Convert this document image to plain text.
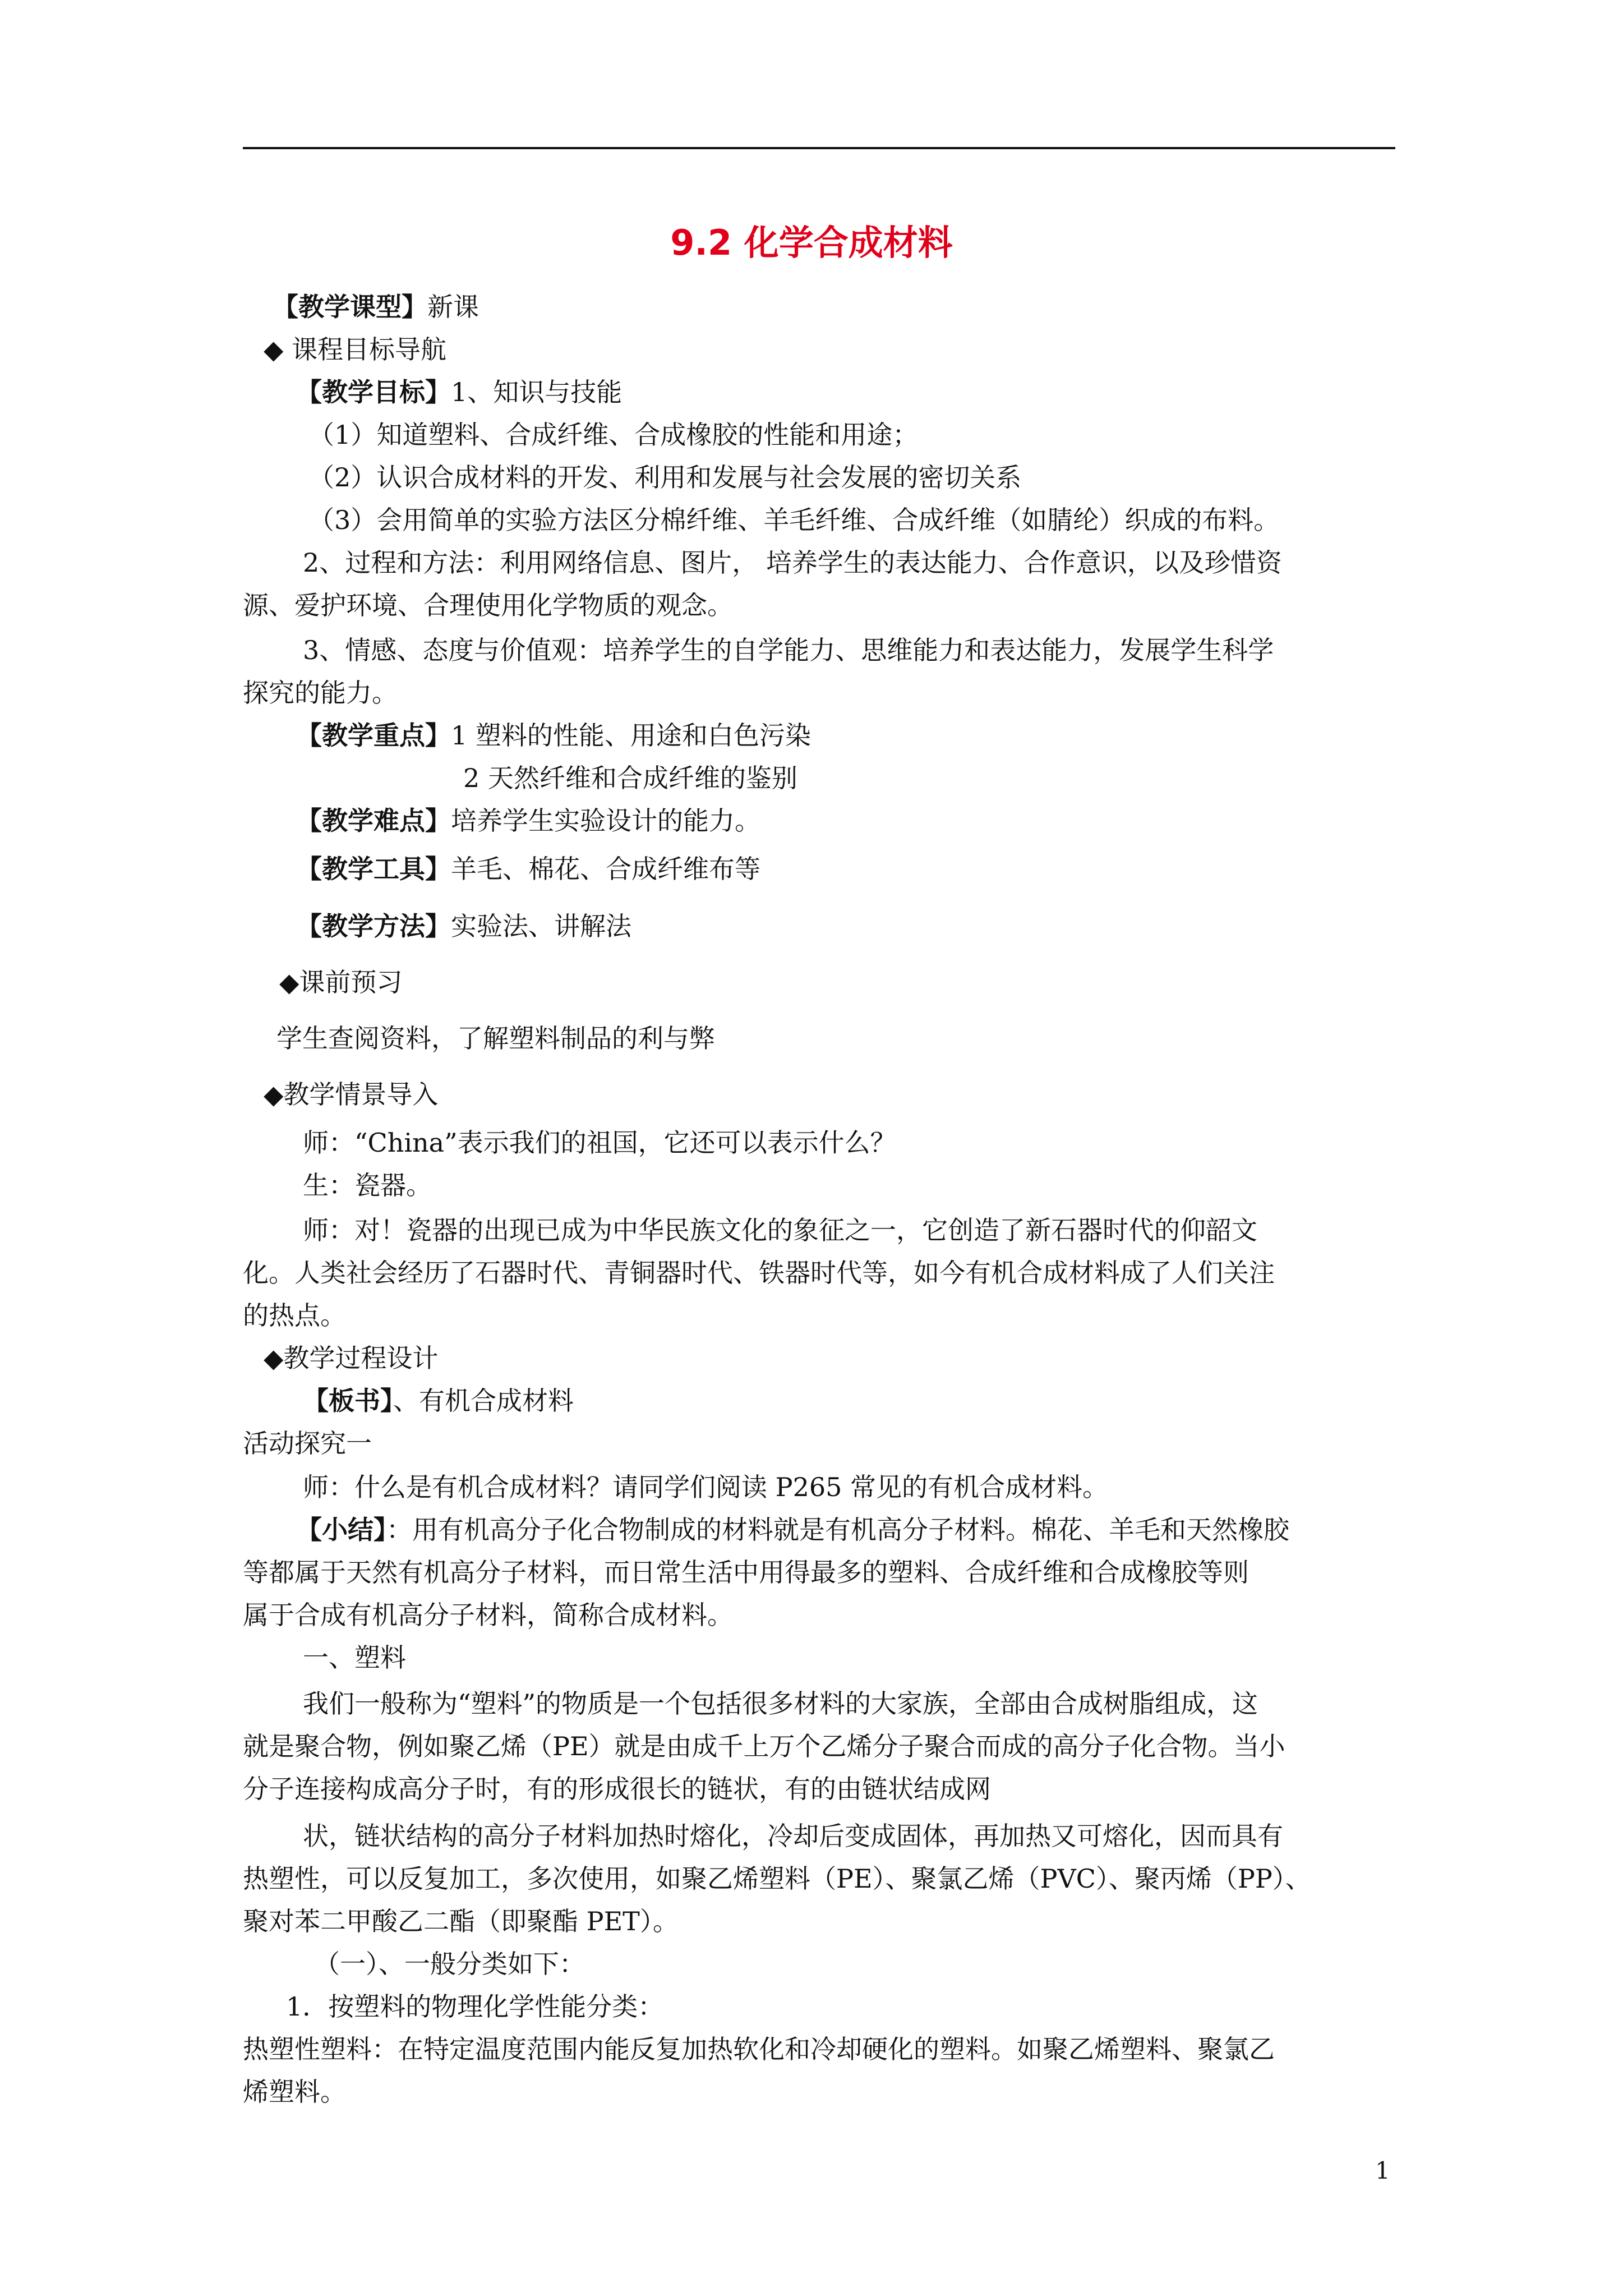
9.2 化学合成材料

【教学课型】新课

◆ 课程目标导航

【教学目标】1、知识与技能

（1）知道塑料、合成纤维、合成橡胶的性能和用途；

（2）认识合成材料的开发、利用和发展与社会发展的密切关系

（3）会用简单的实验方法区分棉纤维、羊毛纤维、合成纤维（如腈纶）织成的布料。

2、过程和方法：利用网络信息、图片， 培养学生的表达能力、合作意识，以及珍惜资

源、爱护环境、合理使用化学物质的观念。

3、情感、态度与价值观：培养学生的自学能力、思维能力和表达能力，发展学生科学

探究的能力。

【教学重点】1 塑料的性能、用途和白色污染

2 天然纤维和合成纤维的鉴别

【教学难点】培养学生实验设计的能力。

【教学工具】羊毛、棉花、合成纤维布等

【教学方法】实验法、讲解法

◆课前预习

学生查阅资料，了解塑料制品的利与弊

◆教学情景导入

师：“China”表示我们的祖国，它还可以表示什么？

生：瓷器。

师：对！瓷器的出现已成为中华民族文化的象征之一，它创造了新石器时代的仰韶文

化。人类社会经历了石器时代、青铜器时代、铁器时代等，如今有机合成材料成了人们关注

的热点。

◆教学过程设计

【板书】、有机合成材料

活动探究一

师：什么是有机合成材料？请同学们阅读 P265 常见的有机合成材料。

【小结】：用有机高分子化合物制成的材料就是有机高分子材料。棉花、羊毛和天然橡胶

等都属于天然有机高分子材料，而日常生活中用得最多的塑料、合成纤维和合成橡胶等则

属于合成有机高分子材料，简称合成材料。

一、塑料

我们一般称为“塑料”的物质是一个包括很多材料的大家族，全部由合成树脂组成，这

就是聚合物，例如聚乙烯（PE）就是由成千上万个乙烯分子聚合而成的高分子化合物。当小

分子连接构成高分子时，有的形成很长的链状，有的由链状结成网

状，链状结构的高分子材料加热时熔化，冷却后变成固体，再加热又可熔化，因而具有

热塑性，可以反复加工，多次使用，如聚乙烯塑料（PE）、聚氯乙烯（PVC）、聚丙烯（PP）、

聚对苯二甲酸乙二酯（即聚酯 PET）。

（一）、一般分类如下：

1．按塑料的物理化学性能分类：

热塑性塑料：在特定温度范围内能反复加热软化和冷却硬化的塑料。如聚乙烯塑料、聚氯乙

烯塑料。

1
